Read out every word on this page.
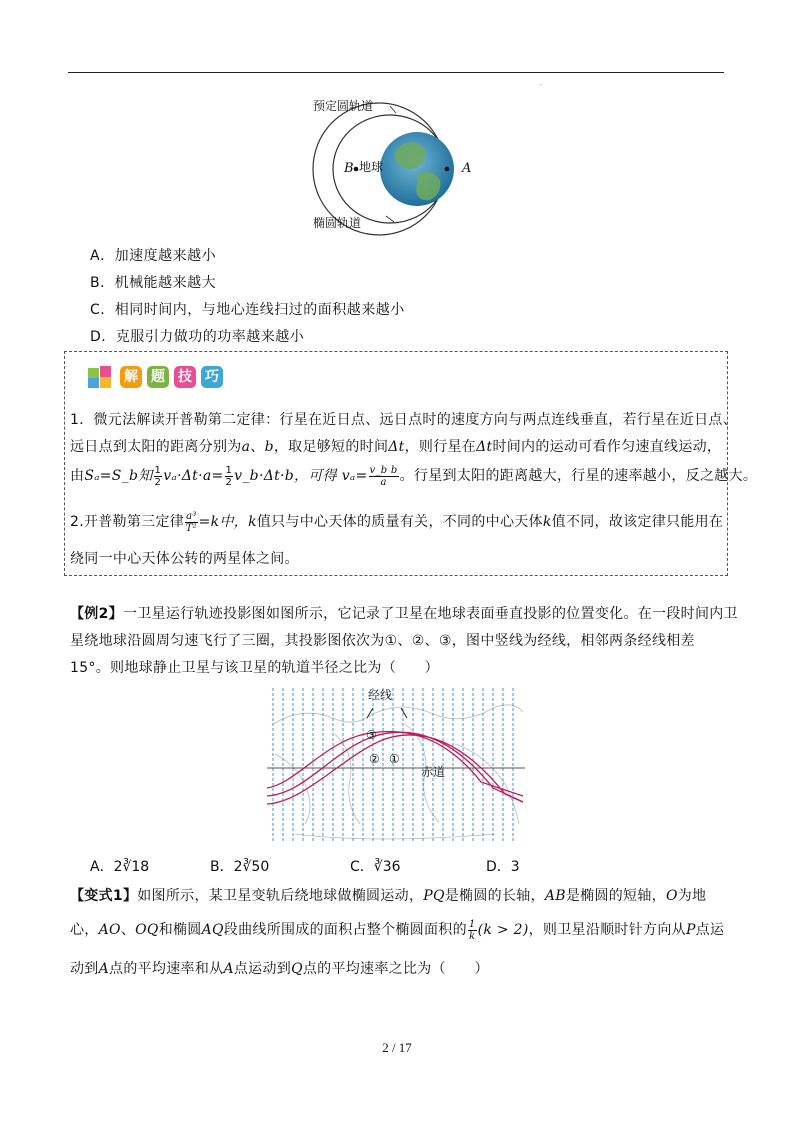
·
预定圆轨道
地球
椭圆轨道
B	A
A．加速度越来越小
B．机械能越来越大
C．相同时间内，与地心连线扫过的面积越来越小
D．克服引力做功的功率越来越小
解 题 技 巧
1．微元法解读开普勒第二定律：行星在近日点、远日点时的速度方向与两点连线垂直，若行星在近日点、
远日点到太阳的距离分别为a、b，取足够短的时间Δt，则行星在Δt时间内的运动可看作匀速直线运动，
由Sₐ=S_b知 $\frac{1}{2} v_a\cdot\Delta t\cdot a= \frac{1}{2}$ v_b·Δt·b，可得 $v_a= \frac{\text{v\_b b}}{a}$ 。行星到太阳的距离越大，行星的速率越小，反之越大。
2.开普勒第三定律 $\frac{\text{a³}}{\text{T²}} =k$中，k值只与中心天体的质量有关，不同的中心天体k值不同，故该定律只能用在
绕同一中心天体公转的两星体之间。
【例2】一卫星运行轨迹投影图如图所示，它记录了卫星在地球表面垂直投影的位置变化。在一段时间内卫
星绕地球沿圆周匀速飞行了三圈，其投影图依次为①、②、③，图中竖线为经线，相邻两条经线相差
15°。则地球静止卫星与该卫星的轨道半径之比为（　　）
经线
赤道
①
②
③
A．2∛18	B．2∛50	C．∛36	D．3
【变式1】如图所示，某卫星变轨后绕地球做椭圆运动，PQ是椭圆的长轴，AB是椭圆的短轴，O为地
心，AO、OQ和椭圆AQ段曲线所围成的面积占整个椭圆面积的 $\frac{1}{k} (k > 2)$，则卫星沿顺时针方向从P点运
动到A点的平均速率和从A点运动到Q点的平均速率之比为（　　）
2 / 17
